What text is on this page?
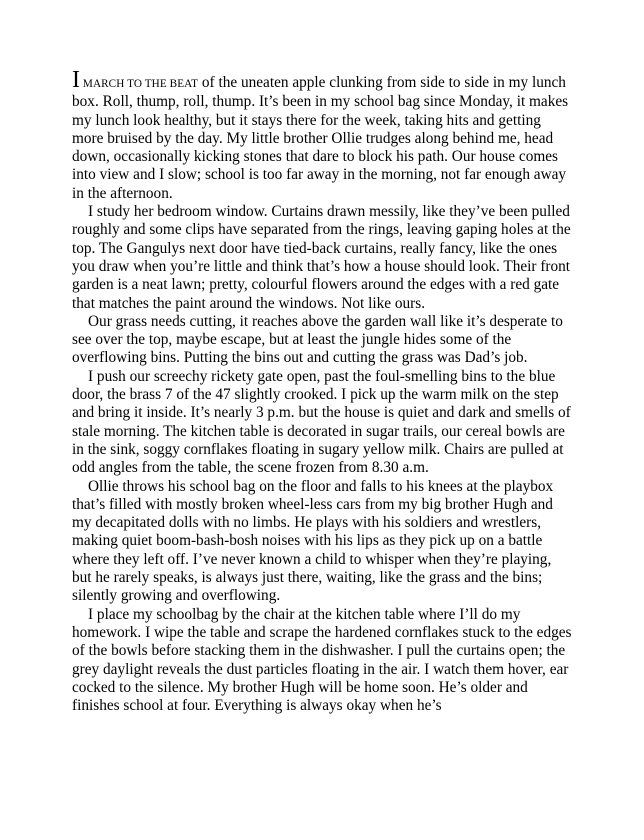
I MARCH TO THE BEAT of the uneaten apple clunking from side to side in my lunch box. Roll, thump, roll, thump. It’s been in my school bag since Monday, it makes my lunch look healthy, but it stays there for the week, taking hits and getting more bruised by the day. My little brother Ollie trudges along behind me, head down, occasionally kicking stones that dare to block his path. Our house comes into view and I slow; school is too far away in the morning, not far enough away in the afternoon.

I study her bedroom window. Curtains drawn messily, like they’ve been pulled roughly and some clips have separated from the rings, leaving gaping holes at the top. The Gangulys next door have tied-back curtains, really fancy, like the ones you draw when you’re little and think that’s how a house should look. Their front garden is a neat lawn; pretty, colourful flowers around the edges with a red gate that matches the paint around the windows. Not like ours.

Our grass needs cutting, it reaches above the garden wall like it’s desperate to see over the top, maybe escape, but at least the jungle hides some of the overflowing bins. Putting the bins out and cutting the grass was Dad’s job.

I push our screechy rickety gate open, past the foul-smelling bins to the blue door, the brass 7 of the 47 slightly crooked. I pick up the warm milk on the step and bring it inside. It’s nearly 3 p.m. but the house is quiet and dark and smells of stale morning. The kitchen table is decorated in sugar trails, our cereal bowls are in the sink, soggy cornflakes floating in sugary yellow milk. Chairs are pulled at odd angles from the table, the scene frozen from 8.30 a.m.

Ollie throws his school bag on the floor and falls to his knees at the playbox that’s filled with mostly broken wheel-less cars from my big brother Hugh and my decapitated dolls with no limbs. He plays with his soldiers and wrestlers, making quiet boom-bash-bosh noises with his lips as they pick up on a battle where they left off. I’ve never known a child to whisper when they’re playing, but he rarely speaks, is always just there, waiting, like the grass and the bins; silently growing and overflowing.

I place my schoolbag by the chair at the kitchen table where I’ll do my homework. I wipe the table and scrape the hardened cornflakes stuck to the edges of the bowls before stacking them in the dishwasher. I pull the curtains open; the grey daylight reveals the dust particles floating in the air. I watch them hover, ear cocked to the silence. My brother Hugh will be home soon. He’s older and finishes school at four. Everything is always okay when he’s
